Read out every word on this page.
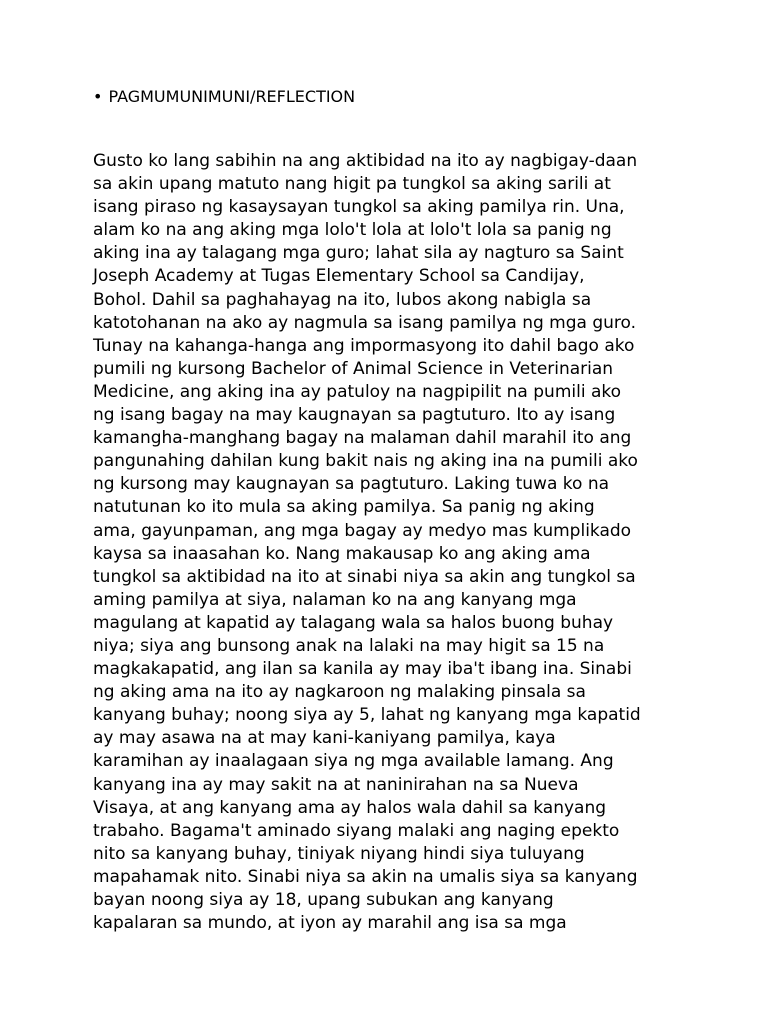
• PAGMUMUNIMUNI/REFLECTION

Gusto ko lang sabihin na ang aktibidad na ito ay nagbigay-daan
sa akin upang matuto nang higit pa tungkol sa aking sarili at
isang piraso ng kasaysayan tungkol sa aking pamilya rin. Una,
alam ko na ang aking mga lolo't lola at lolo't lola sa panig ng
aking ina ay talagang mga guro; lahat sila ay nagturo sa Saint
Joseph Academy at Tugas Elementary School sa Candijay,
Bohol. Dahil sa paghahayag na ito, lubos akong nabigla sa
katotohanan na ako ay nagmula sa isang pamilya ng mga guro.
Tunay na kahanga-hanga ang impormasyong ito dahil bago ako
pumili ng kursong Bachelor of Animal Science in Veterinarian
Medicine, ang aking ina ay patuloy na nagpipilit na pumili ako
ng isang bagay na may kaugnayan sa pagtuturo. Ito ay isang
kamangha-manghang bagay na malaman dahil marahil ito ang
pangunahing dahilan kung bakit nais ng aking ina na pumili ako
ng kursong may kaugnayan sa pagtuturo. Laking tuwa ko na
natutunan ko ito mula sa aking pamilya. Sa panig ng aking
ama, gayunpaman, ang mga bagay ay medyo mas kumplikado
kaysa sa inaasahan ko. Nang makausap ko ang aking ama
tungkol sa aktibidad na ito at sinabi niya sa akin ang tungkol sa
aming pamilya at siya, nalaman ko na ang kanyang mga
magulang at kapatid ay talagang wala sa halos buong buhay
niya; siya ang bunsong anak na lalaki na may higit sa 15 na
magkakapatid, ang ilan sa kanila ay may iba't ibang ina. Sinabi
ng aking ama na ito ay nagkaroon ng malaking pinsala sa
kanyang buhay; noong siya ay 5, lahat ng kanyang mga kapatid
ay may asawa na at may kani-kaniyang pamilya, kaya
karamihan ay inaalagaan siya ng mga available lamang. Ang
kanyang ina ay may sakit na at naninirahan na sa Nueva
Visaya, at ang kanyang ama ay halos wala dahil sa kanyang
trabaho. Bagama't aminado siyang malaki ang naging epekto
nito sa kanyang buhay, tiniyak niyang hindi siya tuluyang
mapahamak nito. Sinabi niya sa akin na umalis siya sa kanyang
bayan noong siya ay 18, upang subukan ang kanyang
kapalaran sa mundo, at iyon ay marahil ang isa sa mga
